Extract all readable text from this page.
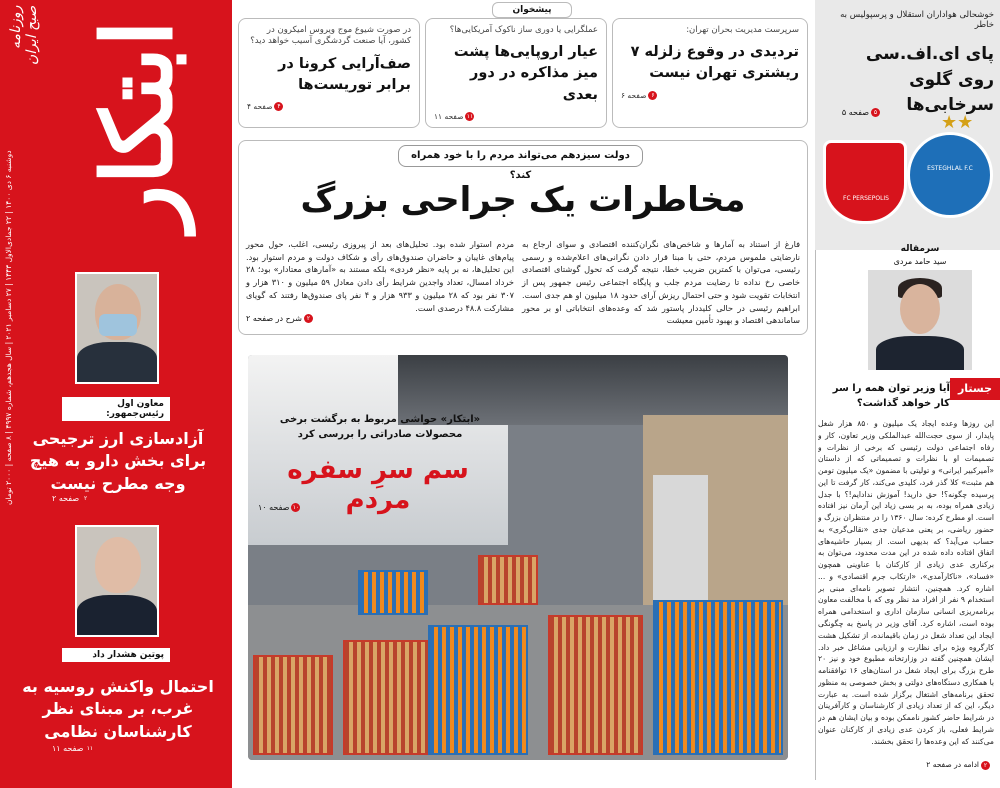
روزنامه صبح ایران ابتکار
دوشنبه ۶ دی ۱۴۰۰ | ۲۲ جمادی‌الاول ۱۴۴۳ | ۲۷ دسامبر ۲۰۲۱ | سال هجدهم، شماره ۴۹۹۷ | ۸ صفحه | ۲۰۰۰ تومان
معاون اول رئیس‌جمهور:
آزادسازی ارز ترجیحی برای بخش دارو به هیچ وجه مطرح نیست
۲صفحه ۲
پوتین هشدار داد
احتمال واکنش روسیه به غرب، بر مبنای نظر کارشناسان نظامی
۱۱صفحه ۱۱
پیشخوان
سرپرست مدیریت بحران تهران:
تردیدی در وقوع زلزله ۷ ریشتری تهران نیست
۶صفحه ۶
عملگرایی یا دوری ساز ناکوک آمریکایی‌ها؟
عیار اروپایی‌ها پشت میز مذاکره در دور بعدی
۱۱صفحه ۱۱
در صورت شیوع موج ویروس امیکرون در کشور، آیا صنعت گردشگری آسیب خواهد دید؟
صف‌آرایی کرونا در برابر توریست‌ها
۴صفحه ۴
خوشحالی هواداران استقلال و پرسپولیس به خاطر
پای ای.اف.سی روی گلوی سرخابی‌ها
۵صفحه ۵
ESTEGHLAL F.C
FC PERSEPOLIS
★★
دولت سیزدهم می‌تواند مردم را با خود همراه کند؟
مخاطرات یک جراحی بزرگ
فارغ از استناد به آمارها و شاخص‌های نگران‌کننده اقتصادی و سوای ارجاع به نارضایتی ملموس مردم، حتی با مبنا قرار دادن نگرانی‌های اعلام‌شده و رسمی رئیسی، می‌توان با کمترین ضریب خطا، نتیجه گرفت که تحول گوشتای اقتصادی خاصی رخ نداده تا رضایت مردم جلب و پایگاه اجتماعی رئیس جمهور پس از انتخابات تقویت شود و حتی احتمال ریزش آرای حدود ۱۸ میلیون او هم جدی است. ابراهیم رئیسی در حالی کلیددار پاستور شد که وعده‌های انتخاباتی او بر محور ساماندهی اقتصاد و بهبود تأمین معیشت
مردم استوار شده بود. تحلیل‌های بعد از پیروزی رئیسی، اغلب، حول محور پیام‌های غایبان و حاضران صندوق‌های رأی و شکاف دولت و مردم استوار بود. این تحلیل‌ها، نه بر پایه «نظر فردی» بلکه مستند به «آمارهای معتادار» بود؛ ۲۸ خرداد امسال، تعداد واجدین شرایط رأی دادن معادل ۵۹ میلیون و ۳۱۰ هزار و ۳۰۷ نفر بود که ۲۸ میلیون و ۹۳۳ هزار و ۴ نفر پای صندوق‌ها رفتند که گویای مشارکت ۴۸.۸ درصدی است.
۲شرح در صفحه ۲
«ابتکار» حواشی مربوط به برگشت برخی محصولات صادراتی را بررسی کرد
سم سرِ سفره مردم
۱۰صفحه ۱۰
سرمقاله
سید حامد مردی
جستار
آیا وزیر توان همه را سر کار خواهد گذاشت؟
این روزها وعده ایجاد یک میلیون و ۸۵۰ هزار شغل پایدار، از سوی حجت‌الله عبدالملکی وزیر تعاون، کار و رفاه اجتماعی دولت رئیسی که برخی از نظرات و تصمیمات او با نظرات و تصمیماتی که از داستان «آمیرکبیر ایرانی» و تولیتی با مضمون «یک میلیون تومن هم مثبت» کلا گذر فرد، کلیدی می‌کند، کار گرفت تا این پرسیده چگونه؟! حق دارید! آموزش ندادایم!؟ با جدل زیادی همراه بوده، به بر بسی زیاد این آرمان نیز افتاده است. او مطرح کرده: سال ۱۳۶۰ را در منتظران بزرگ و حضور ریاضی، بر یعنی مدعیان جدی «نقالی‌گری» به حساب می‌آید؟ که بدیهی است. از بسیار حاشیه‌های اتفاق افتاده داده شده در این مدت محدود، می‌توان به برکناری عدی زیادی از کارکنان با عناوینی همچون «فساد»، «ناکارآمدی»، «ارتکاب جرم اقتصادی» و ... اشاره کرد. همچنین، انتشار تصویر نامه‌ای مبنی بر استخدام ۹ نفر از افراد مد نظر وی که با مخالفت معاون برنامه‌ریزی انسانی سازمان اداری و استخدامی همراه بوده است، اشاره کرد. آقای وزیر در پاسخ به چگونگی ایجاد این تعداد شغل در زمان باقیمانده، از تشکیل هشت کارگروه ویژه برای نظارت و ارزیابی مشاغل خبر داد. ایشان همچنین گفته در وزارتخانه مطبوع خود و نیز ۲۰ طرح بزرگ برای ایجاد شغل در استان‌های ۱۶ توافقنامه با همکاری دستگاه‌های دولتی و بخش خصوصی به منظور تحقق برنامه‌های اشتغال برگزار شده است. به عبارت دیگر، این که از تعداد زیادی از کارشناسان و کارآفرینان در شرایط حاضر کشور ناممکن بوده و بیان ایشان هم در شرایط فعلی، باز کردن عدی زیادی از کارکنان عنوان می‌کنند که این وعده‌ها را تحقق بخشند.
۲ادامه در صفحه ۲
